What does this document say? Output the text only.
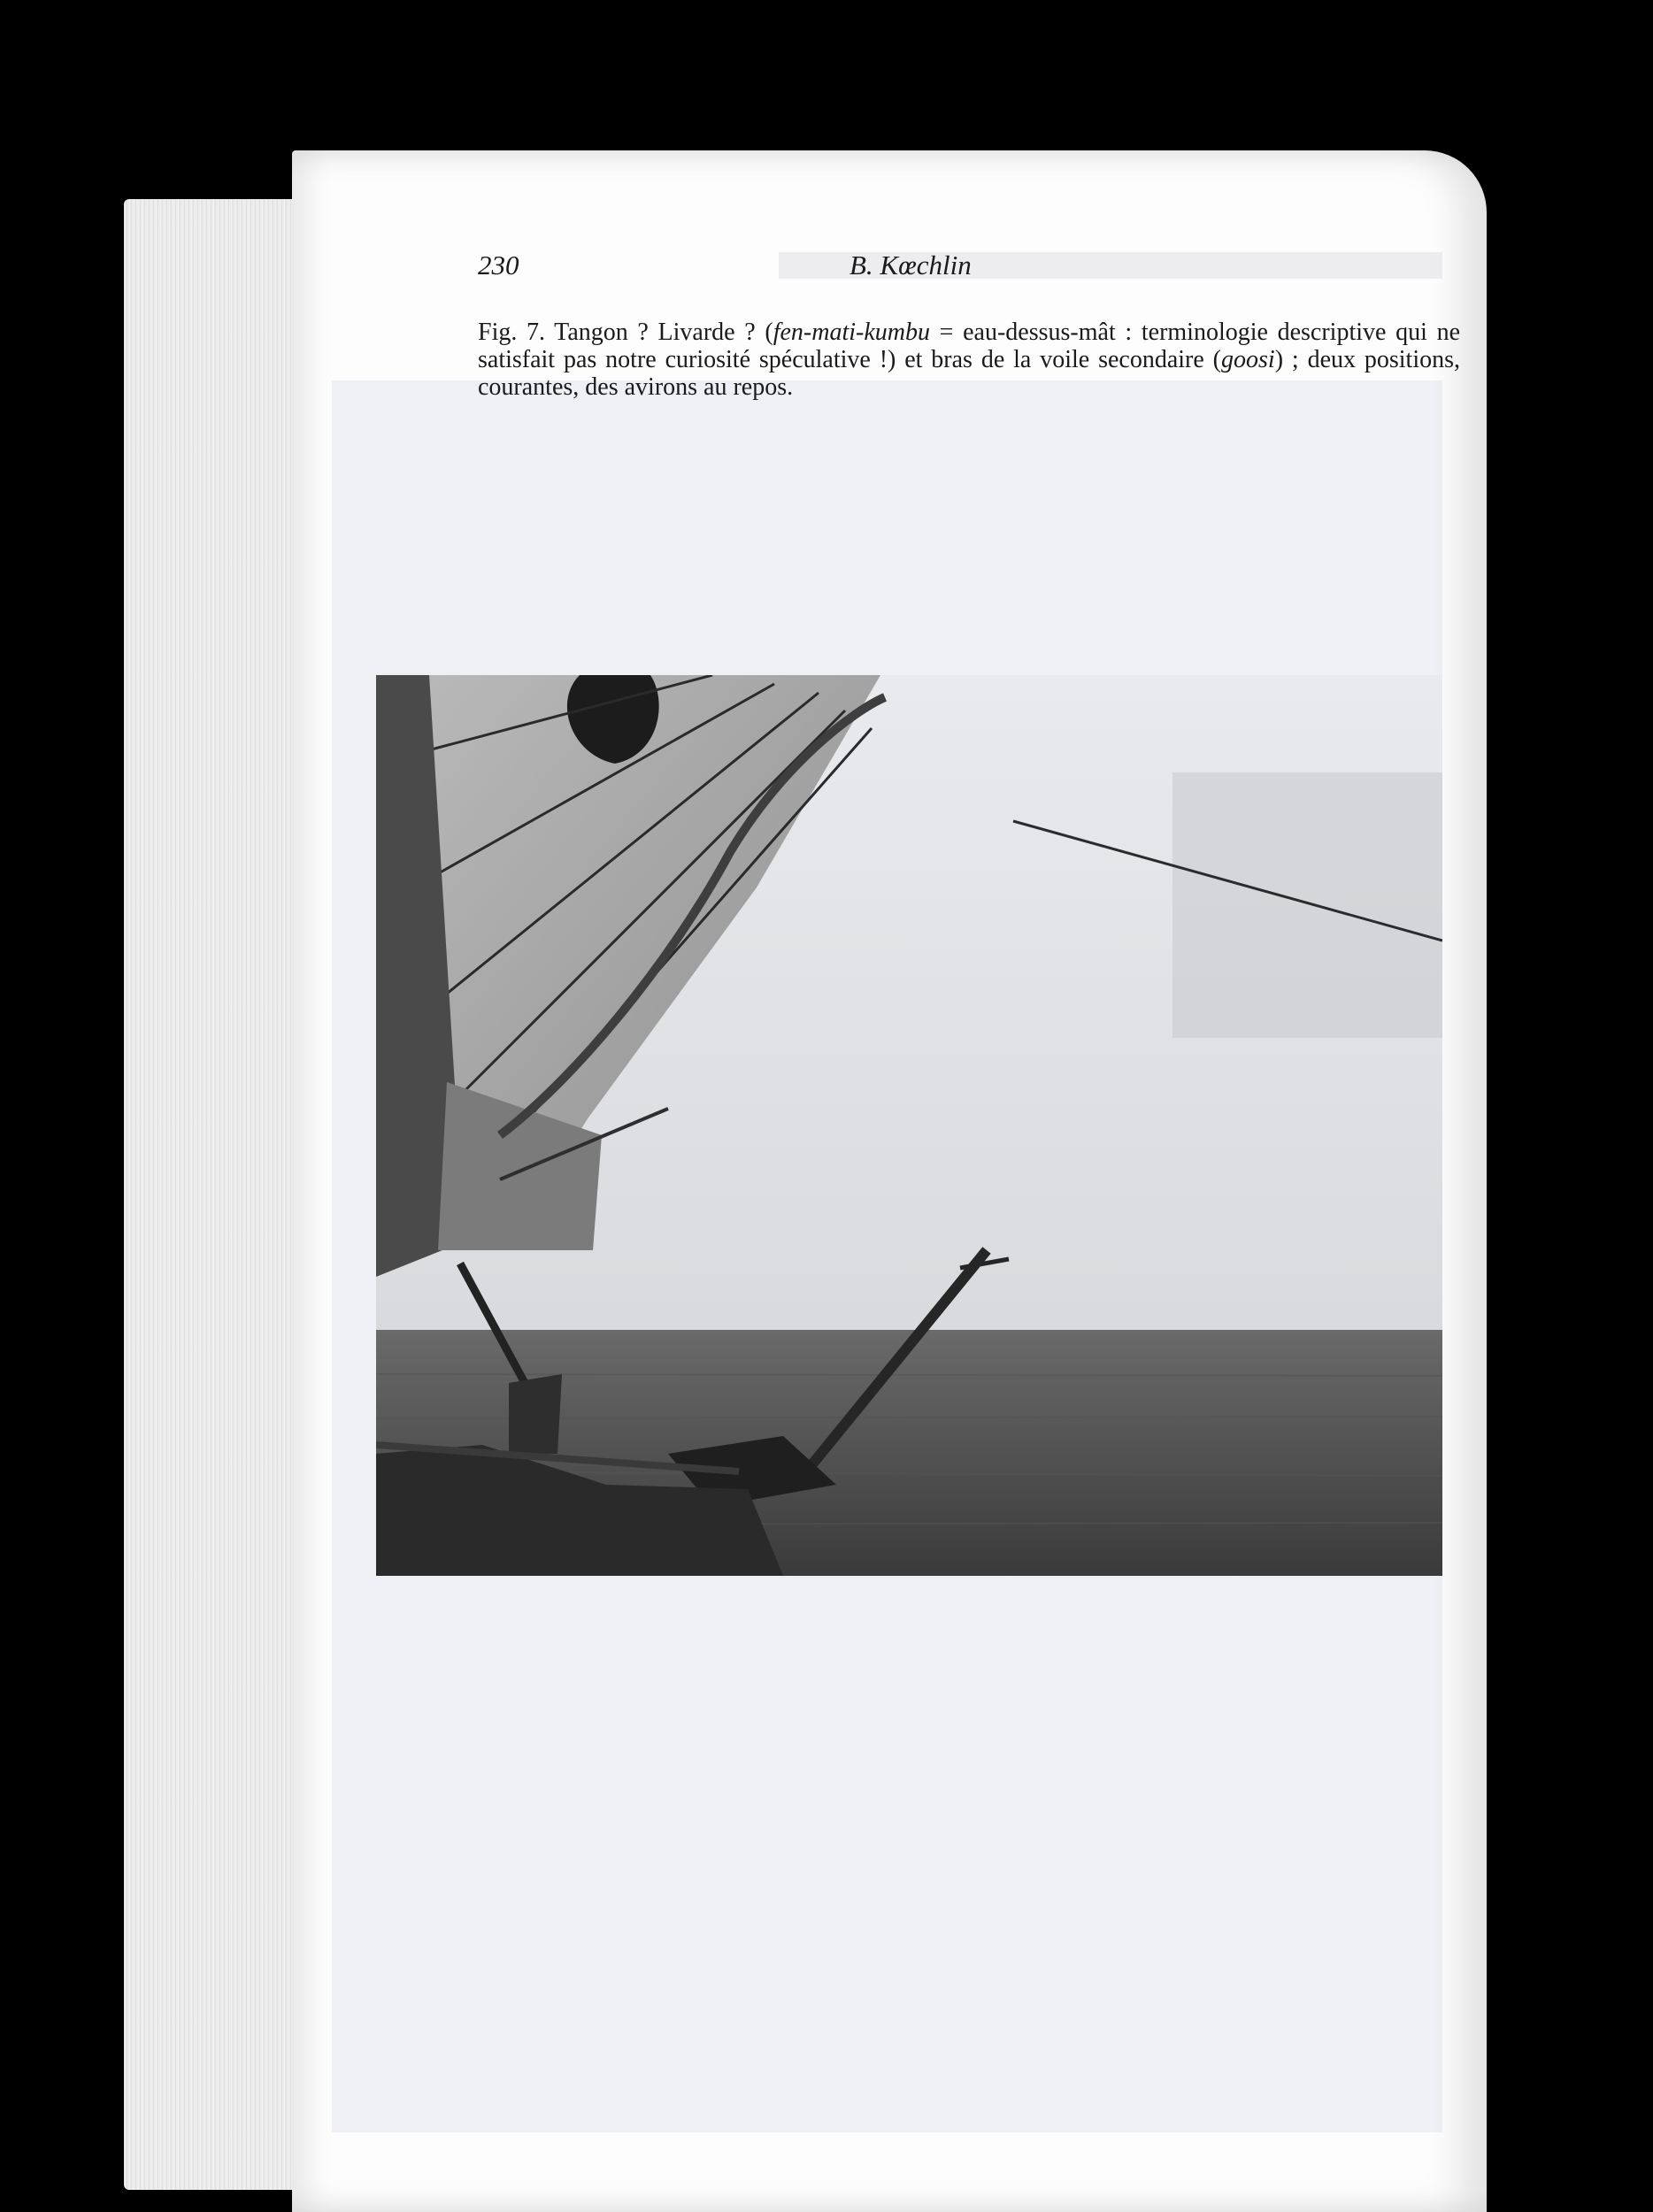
230	B. Kœchlin

Fig. 7. Tangon ? Livarde ? (fen-mati-kumbu = eau-dessus-mât : terminologie descriptive qui ne satisfait pas notre curiosité spéculative !) et bras de la voile secondaire (goosi) ; deux positions, courantes, des avirons au repos.
